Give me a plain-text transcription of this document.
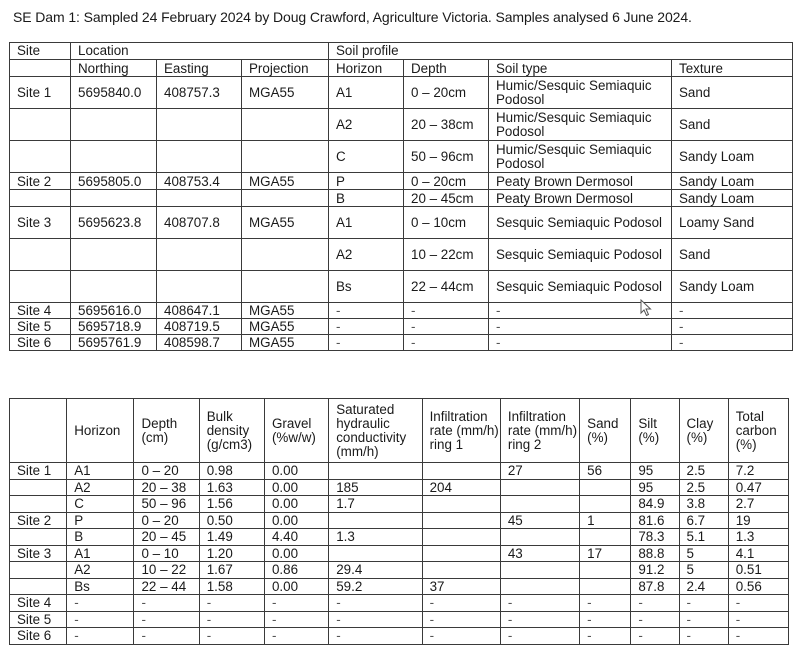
SE Dam 1: Sampled 24 February 2024 by Doug Crawford, Agriculture Victoria. Samples analysed 6 June 2024.
Site	Location			Soil profile			
	Northing	Easting	Projection	Horizon	Depth	Soil type	Texture
Site 1	5695840.0	408757.3	MGA55	A1	0 – 20cm	Humic/Sesquic Semiaquic Podosol	Sand
				A2	20 – 38cm	Humic/Sesquic Semiaquic Podosol	Sand
				C	50 – 96cm	Humic/Sesquic Semiaquic Podosol	Sandy Loam
Site 2	5695805.0	408753.4	MGA55	P	0 – 20cm	Peaty Brown Dermosol	Sandy Loam
				B	20 – 45cm	Peaty Brown Dermosol	Sandy Loam
Site 3	5695623.8	408707.8	MGA55	A1	0 – 10cm	Sesquic Semiaquic Podosol	Loamy Sand
				A2	10 – 22cm	Sesquic Semiaquic Podosol	Sand
				Bs	22 – 44cm	Sesquic Semiaquic Podosol	Sandy Loam
Site 4	5695616.0	408647.1	MGA55	-	-	-	-
Site 5	5695718.9	408719.5	MGA55	-	-	-	-
Site 6	5695761.9	408598.7	MGA55	-	-	-	-
	Horizon	Depth (cm)	Bulk density (g/cm3)	Gravel (%w/w)	Saturated hydraulic conductivity (mm/h)	Infiltration rate (mm/h) ring 1	Infiltration rate (mm/h) ring 2	Sand (%)	Silt (%)	Clay (%)	Total carbon (%)
Site 1	A1	0 – 20	0.98	0.00			27	56	95	2.5	7.2
	A2	20 – 38	1.63	0.00	185	204			95	2.5	0.47
	C	50 – 96	1.56	0.00	1.7				84.9	3.8	2.7
Site 2	P	0 – 20	0.50	0.00			45	1	81.6	6.7	19
	B	20 – 45	1.49	4.40	1.3				78.3	5.1	1.3
Site 3	A1	0 – 10	1.20	0.00			43	17	88.8	5	4.1
	A2	10 – 22	1.67	0.86	29.4				91.2	5	0.51
	Bs	22 – 44	1.58	0.00	59.2	37			87.8	2.4	0.56
Site 4	-	-	-	-	-	-	-	-	-	-	-
Site 5	-	-	-	-	-	-	-	-	-	-	-
Site 6	-	-	-	-	-	-	-	-	-	-	-
